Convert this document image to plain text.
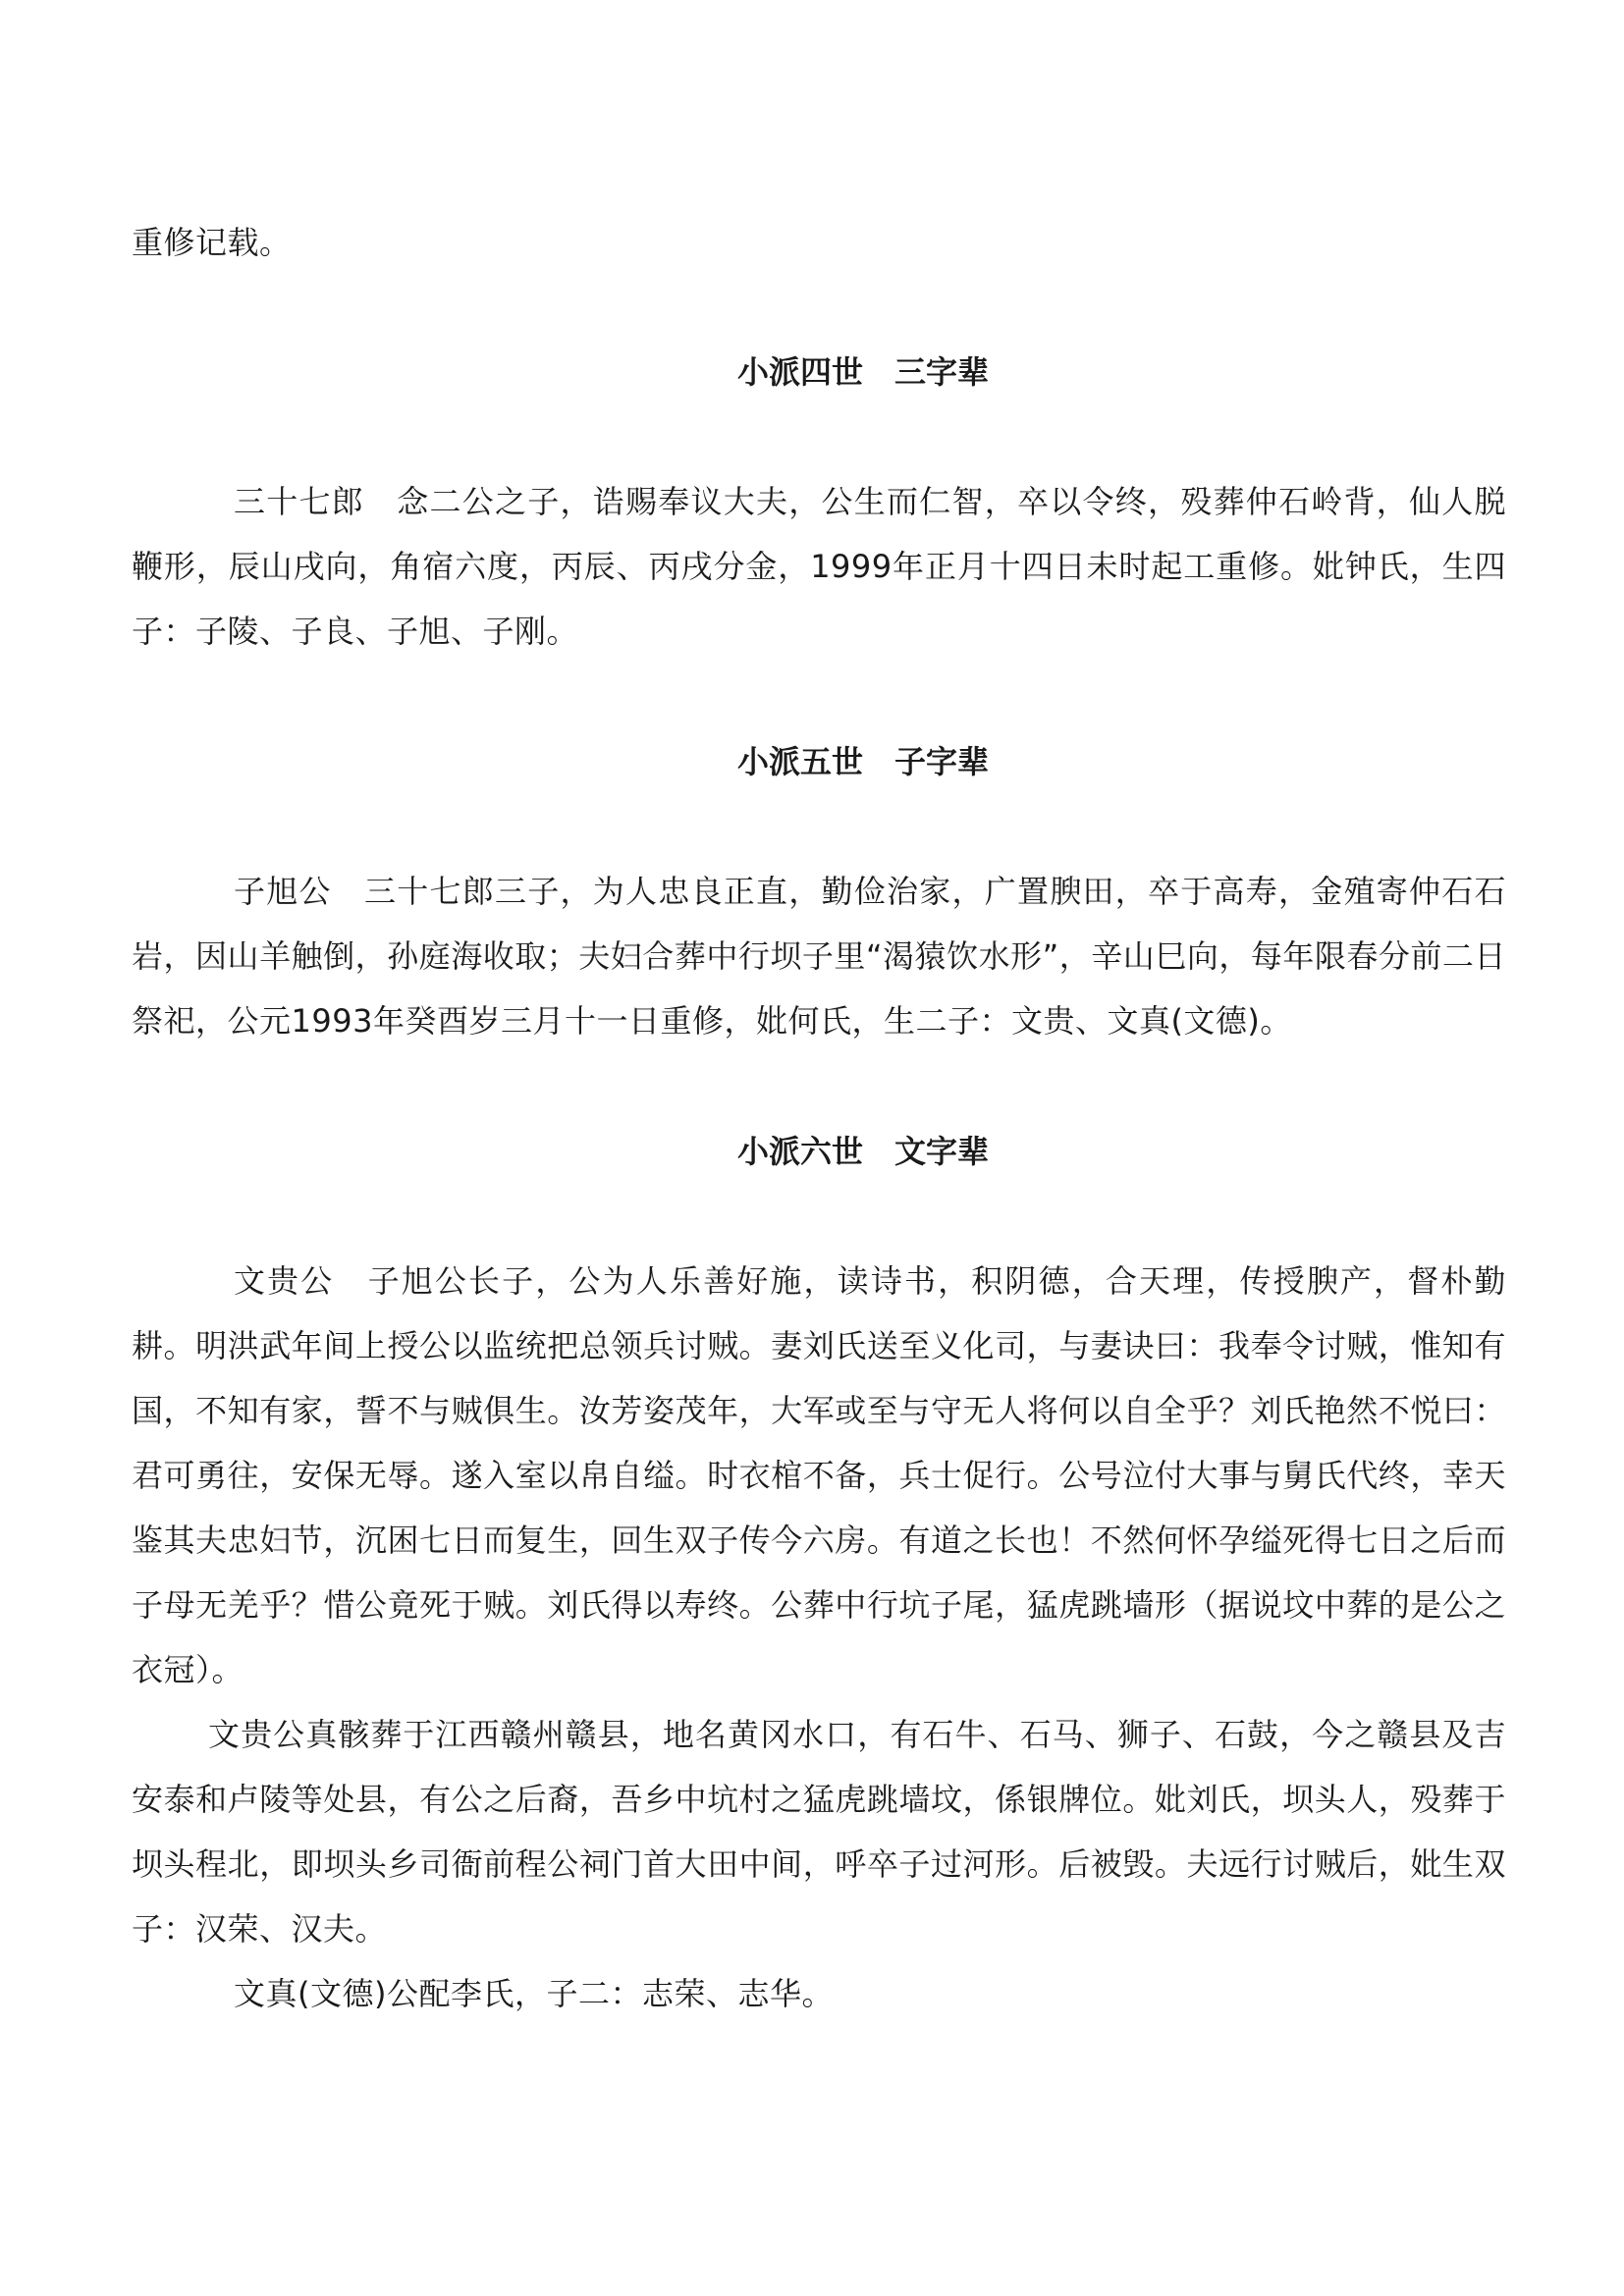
重修记载。

小派四世　三字辈

三十七郎　念二公之子，诰赐奉议大夫，公生而仁智，卒以令终，殁葬仲石岭背，仙人脱鞭形，辰山戌向，角宿六度，丙辰、丙戌分金，1999年正月十四日未时起工重修。妣钟氏，生四子：子陵、子良、子旭、子刚。

小派五世　子字辈

子旭公　三十七郎三子，为人忠良正直，勤俭治家，广置腴田，卒于高寿，金殖寄仲石石岩，因山羊触倒，孙庭海收取；夫妇合葬中行坝子里“渴猿饮水形”，辛山巳向，每年限春分前二日祭祀，公元1993年癸酉岁三月十一日重修，妣何氏，生二子：文贵、文真(文德)。

小派六世　文字辈

文贵公　子旭公长子，公为人乐善好施，读诗书，积阴德，合天理，传授腴产，督朴勤耕。明洪武年间上授公以监统把总领兵讨贼。妻刘氏送至义化司，与妻诀曰：我奉令讨贼，惟知有国，不知有家，誓不与贼俱生。汝芳姿茂年，大军或至与守无人将何以自全乎？刘氏艳然不悦曰：君可勇往，安保无辱。遂入室以帛自缢。时衣棺不备，兵士促行。公号泣付大事与舅氏代终，幸天鉴其夫忠妇节，沉困七日而复生，回生双子传今六房。有道之长也！不然何怀孕缢死得七日之后而子母无羌乎？惜公竟死于贼。刘氏得以寿终。公葬中行坑子尾，猛虎跳墙形（据说坟中葬的是公之衣冠）。

文贵公真骸葬于江西赣州赣县，地名黄冈水口，有石牛、石马、狮子、石鼓，今之赣县及吉安泰和卢陵等处县，有公之后裔，吾乡中坑村之猛虎跳墙坟，係银牌位。妣刘氏，坝头人，殁葬于坝头程北，即坝头乡司衙前程公祠门首大田中间，呼卒子过河形。后被毁。夫远行讨贼后，妣生双子：汉荣、汉夫。

文真(文德)公配李氏，子二：志荣、志华。
